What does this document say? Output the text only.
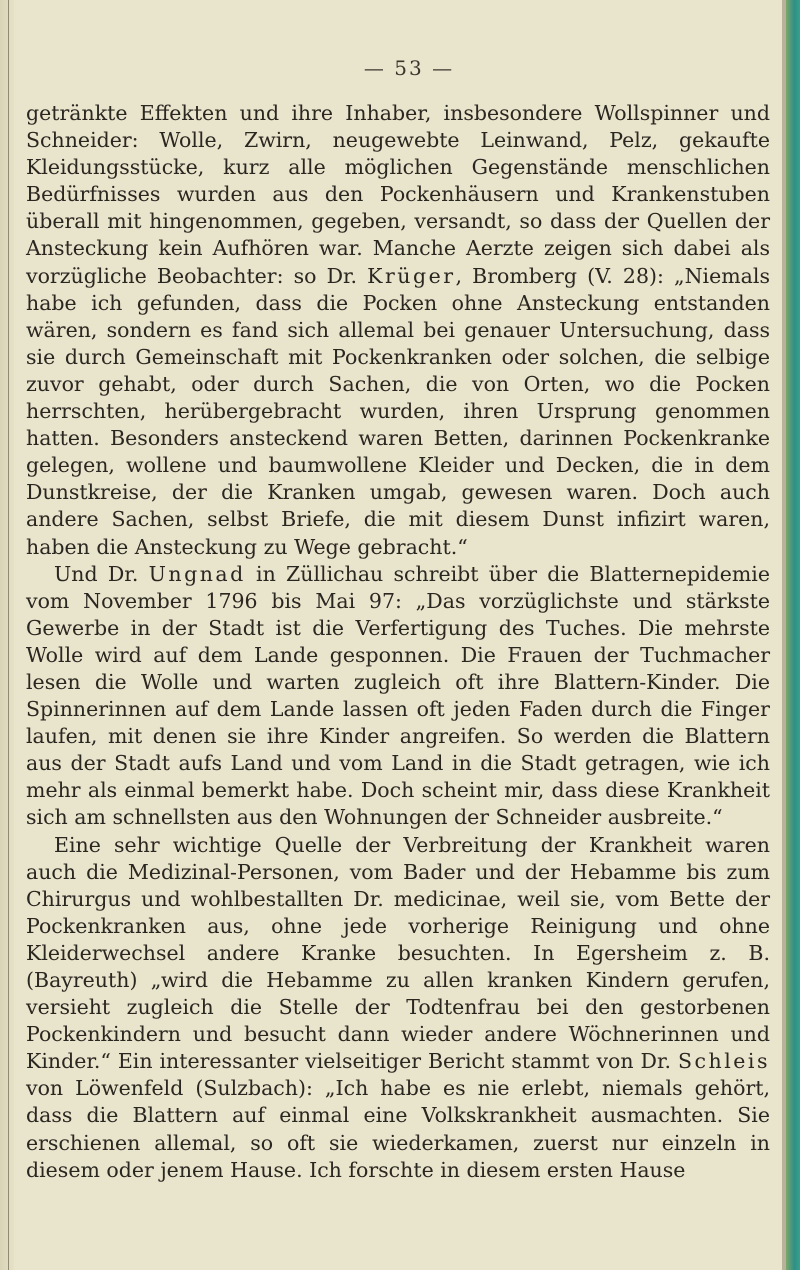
— 53 —

getränkte Effekten und ihre Inhaber, insbesondere Wollspinner und Schneider: Wolle, Zwirn, neugewebte Leinwand, Pelz, gekaufte Kleidungsstücke, kurz alle möglichen Gegenstände menschlichen Bedürfnisses wurden aus den Pockenhäusern und Krankenstuben überall mit hingenommen, gegeben, versandt, so dass der Quellen der Ansteckung kein Aufhören war. Manche Aerzte zeigen sich dabei als vorzügliche Beobachter: so Dr. Krüger, Bromberg (V. 28): „Niemals habe ich gefunden, dass die Pocken ohne Ansteckung entstanden wären, sondern es fand sich allemal bei genauer Untersuchung, dass sie durch Gemeinschaft mit Pockenkranken oder solchen, die selbige zuvor gehabt, oder durch Sachen, die von Orten, wo die Pocken herrschten, herübergebracht wurden, ihren Ursprung genommen hatten. Besonders ansteckend waren Betten, darinnen Pockenkranke gelegen, wollene und baumwollene Kleider und Decken, die in dem Dunstkreise, der die Kranken umgab, gewesen waren. Doch auch andere Sachen, selbst Briefe, die mit diesem Dunst infizirt waren, haben die Ansteckung zu Wege gebracht.“

Und Dr. Ungnad in Züllichau schreibt über die Blatternepidemie vom November 1796 bis Mai 97: „Das vorzüglichste und stärkste Gewerbe in der Stadt ist die Verfertigung des Tuches. Die mehrste Wolle wird auf dem Lande gesponnen. Die Frauen der Tuchmacher lesen die Wolle und warten zugleich oft ihre Blattern-Kinder. Die Spinnerinnen auf dem Lande lassen oft jeden Faden durch die Finger laufen, mit denen sie ihre Kinder angreifen. So werden die Blattern aus der Stadt aufs Land und vom Land in die Stadt getragen, wie ich mehr als einmal bemerkt habe. Doch scheint mir, dass diese Krankheit sich am schnellsten aus den Wohnungen der Schneider ausbreite.“

Eine sehr wichtige Quelle der Verbreitung der Krankheit waren auch die Medizinal-Personen, vom Bader und der Hebamme bis zum Chirurgus und wohlbestallten Dr. medicinae, weil sie, vom Bette der Pockenkranken aus, ohne jede vorherige Reinigung und ohne Kleiderwechsel andere Kranke besuchten. In Egersheim z. B. (Bayreuth) „wird die Hebamme zu allen kranken Kindern gerufen, versieht zugleich die Stelle der Todtenfrau bei den gestorbenen Pockenkindern und besucht dann wieder andere Wöchnerinnen und Kinder.“ Ein interessanter vielseitiger Bericht stammt von Dr. Schleis von Löwenfeld (Sulzbach): „Ich habe es nie erlebt, niemals gehört, dass die Blattern auf einmal eine Volkskrankheit ausmachten. Sie erschienen allemal, so oft sie wiederkamen, zuerst nur einzeln in diesem oder jenem Hause. Ich forschte in diesem ersten Hause
